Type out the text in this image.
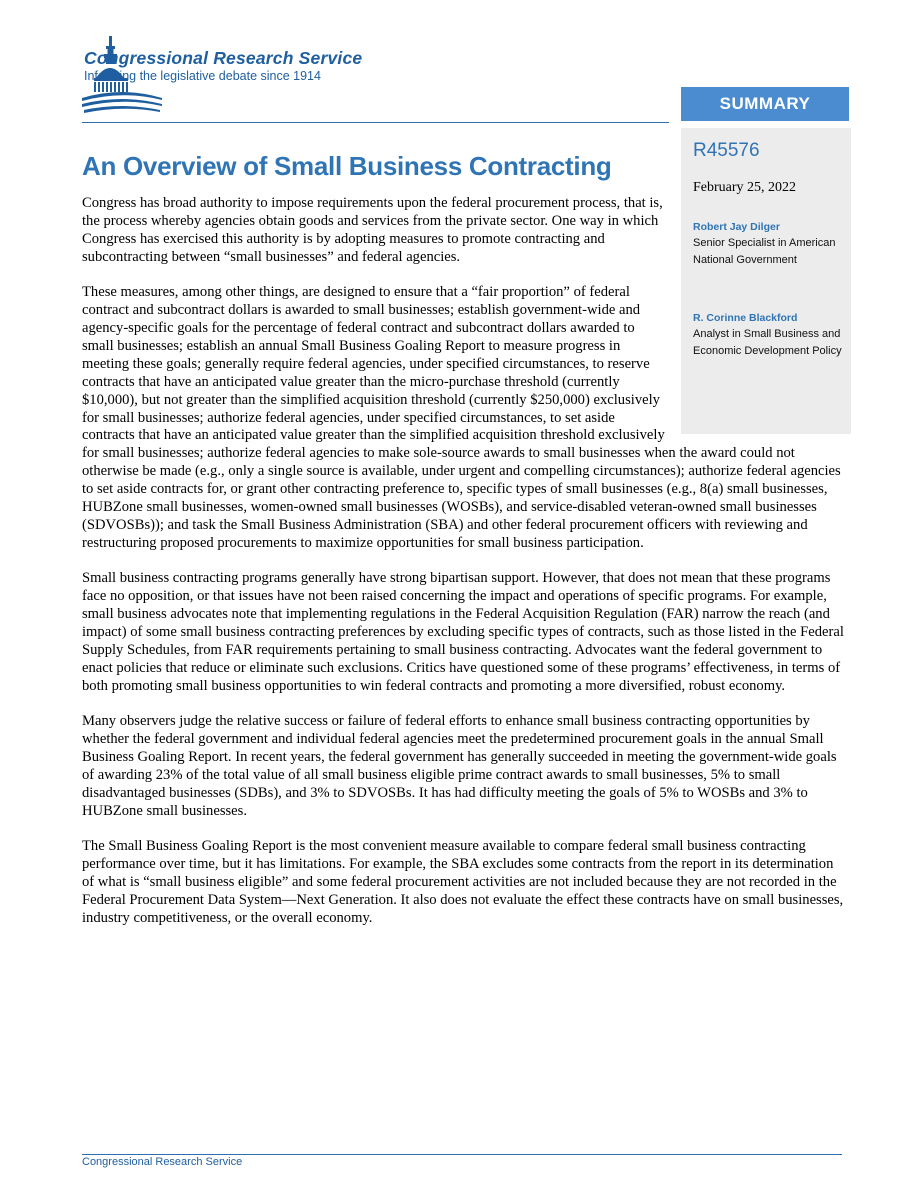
Congressional Research Service
Informing the legislative debate since 1914
SUMMARY
R45576
February 25, 2022
Robert Jay Dilger
Senior Specialist in American National Government
R. Corinne Blackford
Analyst in Small Business and Economic Development Policy
An Overview of Small Business Contracting

Congress has broad authority to impose requirements upon the federal procurement process, that is, the process whereby agencies obtain goods and services from the private sector. One way in which Congress has exercised this authority is by adopting measures to promote contracting and subcontracting between “small businesses” and federal agencies.

These measures, among other things, are designed to ensure that a “fair proportion” of federal contract and subcontract dollars is awarded to small businesses; establish government-wide and agency-specific goals for the percentage of federal contract and subcontract dollars awarded to small businesses; establish an annual Small Business Goaling Report to measure progress in meeting these goals; generally require federal agencies, under specified circumstances, to reserve contracts that have an anticipated value greater than the micro-purchase threshold (currently $10,000), but not greater than the simplified acquisition threshold (currently $250,000) exclusively for small businesses; authorize federal agencies, under specified circumstances, to set aside contracts that have an anticipated value greater than the simplified acquisition threshold exclusively for small businesses; authorize federal agencies to make sole-source awards to small businesses when the award could not otherwise be made (e.g., only a single source is available, under urgent and compelling circumstances); authorize federal agencies to set aside contracts for, or grant other contracting preference to, specific types of small businesses (e.g., 8(a) small businesses, HUBZone small businesses, women-owned small businesses (WOSBs), and service-disabled veteran-owned small businesses (SDVOSBs)); and task the Small Business Administration (SBA) and other federal procurement officers with reviewing and restructuring proposed procurements to maximize opportunities for small business participation.

Small business contracting programs generally have strong bipartisan support. However, that does not mean that these programs face no opposition, or that issues have not been raised concerning the impact and operations of specific programs. For example, small business advocates note that implementing regulations in the Federal Acquisition Regulation (FAR) narrow the reach (and impact) of some small business contracting preferences by excluding specific types of contracts, such as those listed in the Federal Supply Schedules, from FAR requirements pertaining to small business contracting. Advocates want the federal government to enact policies that reduce or eliminate such exclusions. Critics have questioned some of these programs’ effectiveness, in terms of both promoting small business opportunities to win federal contracts and promoting a more diversified, robust economy.

Many observers judge the relative success or failure of federal efforts to enhance small business contracting opportunities by whether the federal government and individual federal agencies meet the predetermined procurement goals in the annual Small Business Goaling Report. In recent years, the federal government has generally succeeded in meeting the government-wide goals of awarding 23% of the total value of all small business eligible prime contract awards to small businesses, 5% to small disadvantaged businesses (SDBs), and 3% to SDVOSBs. It has had difficulty meeting the goals of 5% to WOSBs and 3% to HUBZone small businesses.

The Small Business Goaling Report is the most convenient measure available to compare federal small business contracting performance over time, but it has limitations. For example, the SBA excludes some contracts from the report in its determination of what is “small business eligible” and some federal procurement activities are not included because they are not recorded in the Federal Procurement Data System—Next Generation. It also does not evaluate the effect these contracts have on small businesses, industry competitiveness, or the overall economy.

Congressional Research Service
